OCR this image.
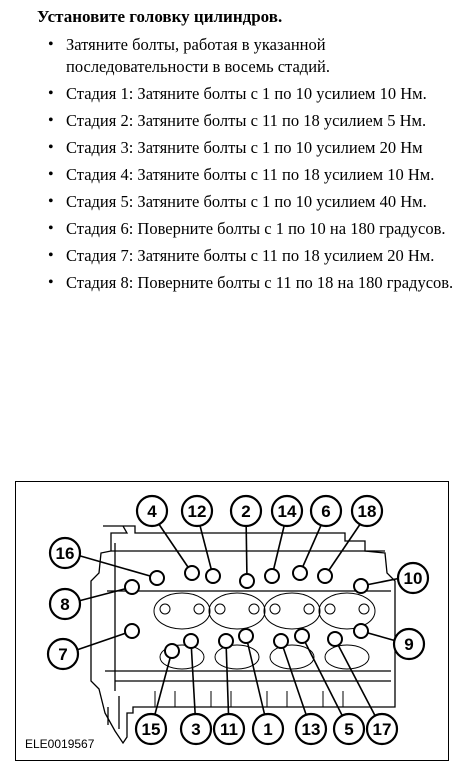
Установите головку цилиндров.
• Затяните болты, работая в указанной последовательности в восемь стадий.
• Стадия 1: Затяните болты с 1 по 10 усилием 10 Нм.
• Стадия 2: Затяните болты с 11 по 18 усилием 5 Нм.
• Стадия 3: Затяните болты с 1 по 10 усилием 20 Нм
• Стадия 4: Затяните болты с 11 по 18 усилием 10 Нм.
• Стадия 5: Затяните болты с 1 по 10 усилием 40 Нм.
• Стадия 6: Поверните болты с 1 по 10 на 180 градусов.
• Стадия 7: Затяните болты с 11 по 18 усилием 20 Нм.
• Стадия 8: Поверните болты с 11 по 18 на 180 градусов.
16
4 12 2 14 6 18
10
8
7
9
15 3 11 1 13 5 17
ELE0019567
